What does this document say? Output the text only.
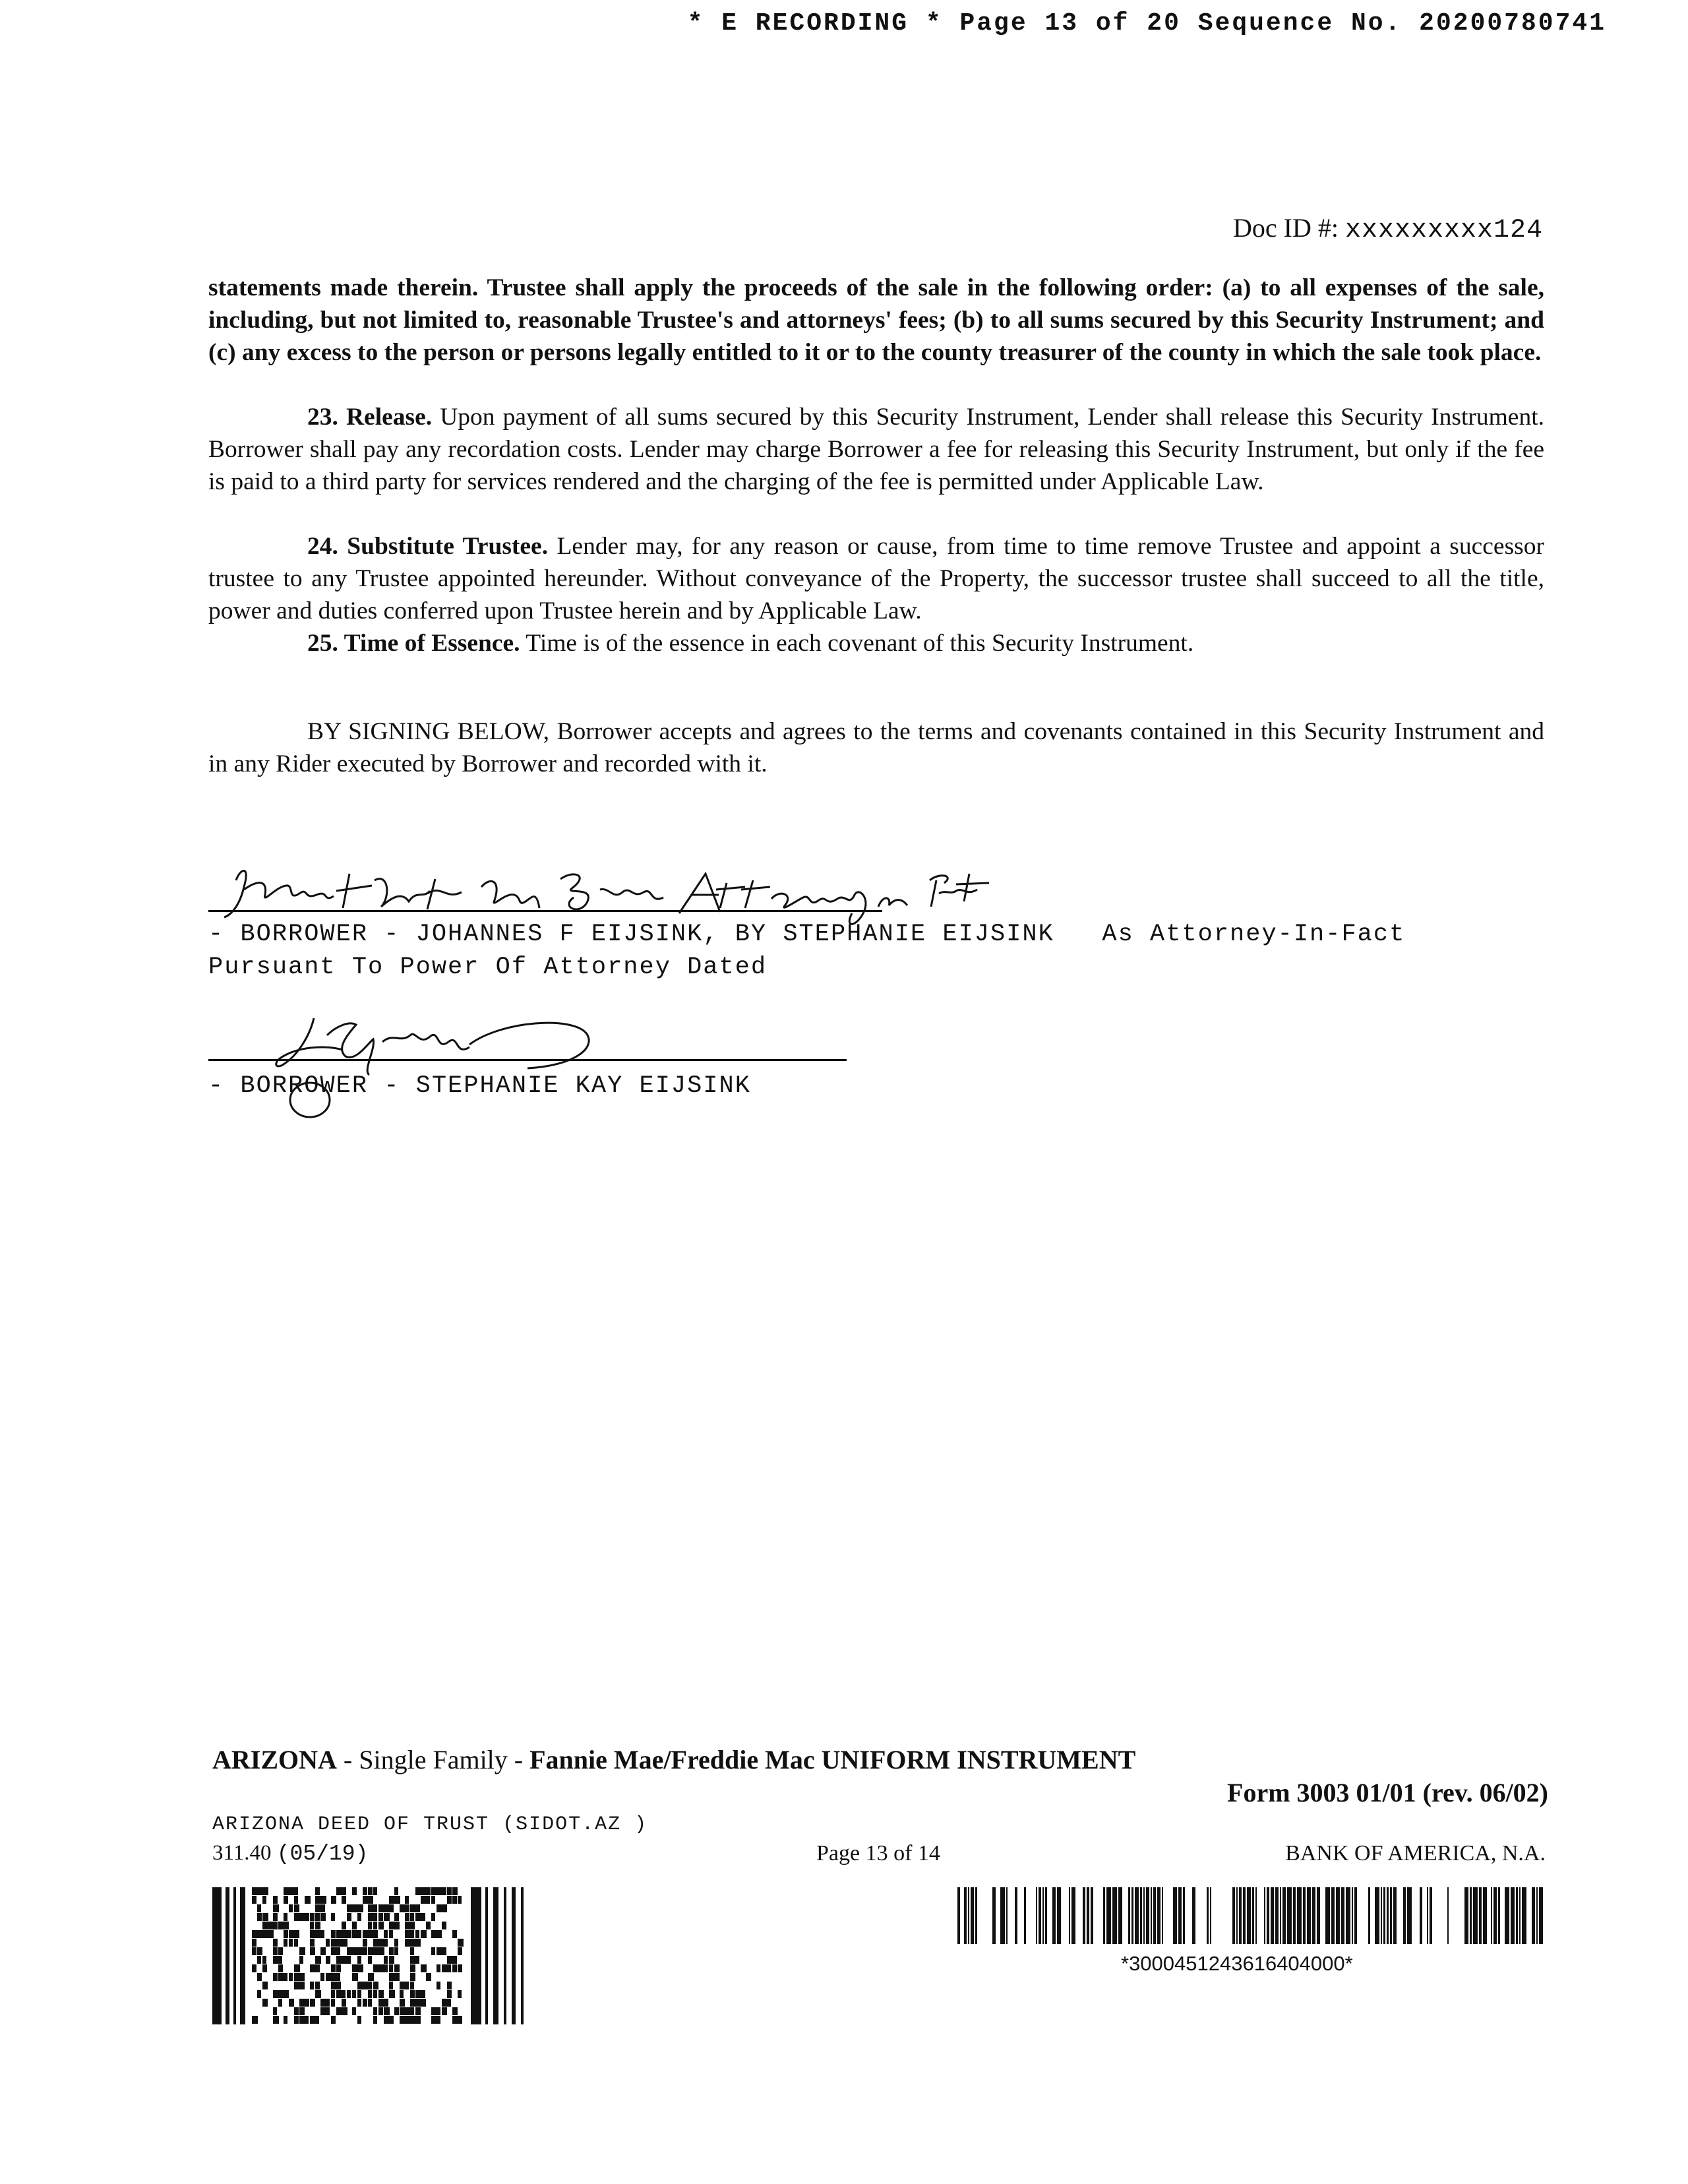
* E RECORDING * Page 13 of 20 Sequence No. 20200780741
Doc ID #: xxxxxxxxx124
statements made therein. Trustee shall apply the proceeds of the sale in the following order: (a) to all expenses of the sale, including, but not limited to, reasonable Trustee's and attorneys' fees; (b) to all sums secured by this Security Instrument; and (c) any excess to the person or persons legally entitled to it or to the county treasurer of the county in which the sale took place.

23. Release. Upon payment of all sums secured by this Security Instrument, Lender shall release this Security Instrument. Borrower shall pay any recordation costs. Lender may charge Borrower a fee for releasing this Security Instrument, but only if the fee is paid to a third party for services rendered and the charging of the fee is permitted under Applicable Law.

24. Substitute Trustee. Lender may, for any reason or cause, from time to time remove Trustee and appoint a successor trustee to any Trustee appointed hereunder. Without conveyance of the Property, the successor trustee shall succeed to all the title, power and duties conferred upon Trustee herein and by Applicable Law.

25. Time of Essence. Time is of the essence in each covenant of this Security Instrument.

BY SIGNING BELOW, Borrower accepts and agrees to the terms and covenants contained in this Security Instrument and in any Rider executed by Borrower and recorded with it.

- BORROWER - JOHANNES F EIJSINK, BY STEPHANIE EIJSINK   As Attorney-In-Fact
Pursuant To Power Of Attorney Dated
- BORROWER - STEPHANIE KAY EIJSINK
ARIZONA - Single Family - Fannie Mae/Freddie Mac UNIFORM INSTRUMENT
Form 3003 01/01 (rev. 06/02)
ARIZONA DEED OF TRUST (SIDOT.AZ )
311.40 (05/19)	Page 13 of 14	BANK OF AMERICA, N.A.
*3000451243616404000*
